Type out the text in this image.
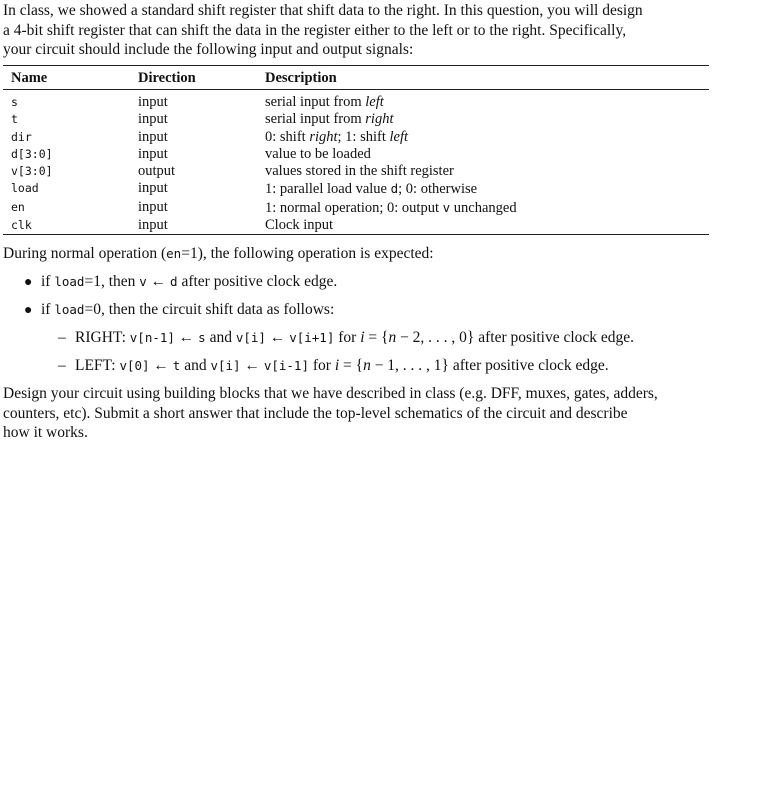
In class, we showed a standard shift register that shift data to the right. In this question, you will design
a 4-bit shift register that can shift the data in the register either to the left or to the right. Specifically,
your circuit should include the following input and output signals:

Name	Direction	Description
s	input	serial input from left
t	input	serial input from right
dir	input	0: shift right; 1: shift left
d[3:0]	input	value to be loaded
v[3:0]	output	values stored in the shift register
load	input	1: parallel load value d; 0: otherwise
en	input	1: normal operation; 0: output v unchanged
clk	input	Clock input

During normal operation (en=1), the following operation is expected:

● if load=1, then v ← d after positive clock edge.
● if load=0, then the circuit shift data as follows:
– RIGHT: v[n-1] ← s and v[i] ← v[i+1] for i = {n − 2, . . . , 0} after positive clock edge.
– LEFT: v[0] ← t and v[i] ← v[i-1] for i = {n − 1, . . . , 1} after positive clock edge.

Design your circuit using building blocks that we have described in class (e.g. DFF, muxes, gates, adders,
counters, etc). Submit a short answer that include the top-level schematics of the circuit and describe
how it works.
